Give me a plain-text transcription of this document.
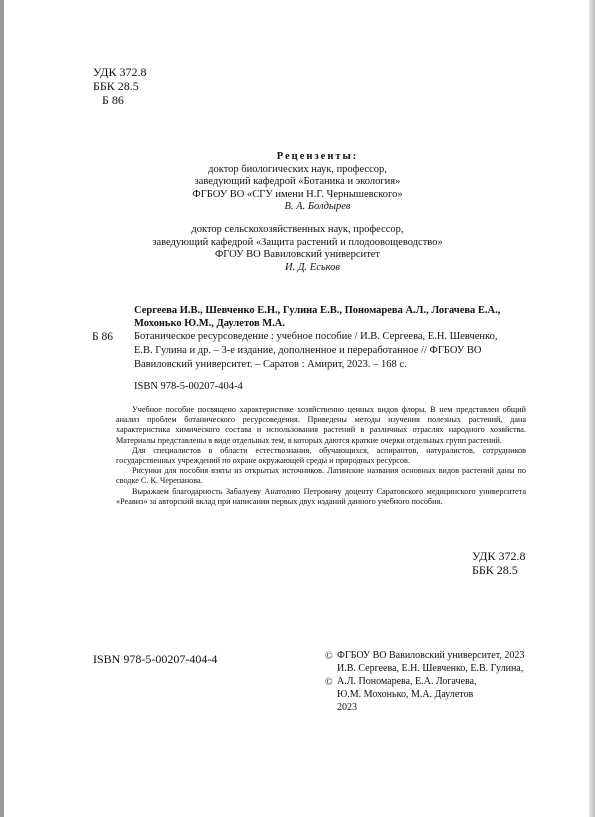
УДК 372.8
ББК 28.5
Б 86
Рецензенты:
доктор биологических наук, профессор,
заведующий кафедрой «Ботаника и экология»
ФГБОУ ВО «СГУ имени Н.Г. Чернышевского»
В. А. Болдырев
доктор сельскохозяйственных наук, профессор,
заведующий кафедрой «Защита растений и плодоовощеводство»
ФГОУ ВО Вавиловский университет
И. Д. Еськов
Сергеева И.В., Шевченко Е.Н., Гулина Е.В., Пономарева А.Л., Логачева Е.А.,
Мохонько Ю.М., Даулетов М.А.
Б 86 Ботаническое ресурсоведение : учебное пособие / И.В. Сергеева, Е.Н. Шевченко,
Е.В. Гулина и др. – 3-е издание, дополненное и переработанное // ФГБОУ ВО
Вавиловский университет. – Саратов : Амирит, 2023. – 168 с.
ISBN 978-5-00207-404-4

Учебное пособие посвящено характеристике хозяйственно ценных видов флоры. В нем представлен общий анализ проблем ботанического ресурсоведения. Приведены методы изучения полезных растений, дана характеристика химического состава и использования растений в различных отраслях народного хозяйства. Материалы представлены в виде отдельных тем, в которых даются краткие очерки отдельных групп растений.

Для специалистов в области естествознания, обучающихся, аспирантов, натуралистов, сотрудников государственных учреждений по охране окружающей среды и природных ресурсов.

Рисунки для пособия взяты из открытых источников. Латинские названия основных видов растений даны по сводке С. К. Черепанова.

Выражаем благодарность Забалуеву Анатолию Петровичу доценту Саратовского медицинского университета «Реавиз» за авторский вклад при написании первых двух изданий данного учебного пособия.

УДК 372.8
ББК 28.5
ISBN 978-5-00207-404-4	© ФГБОУ ВО Вавиловский университет, 2023
И.В. Сергеева, Е.Н. Шевченко, Е.В. Гулина,
© А.Л. Пономарева, Е.А. Логачева,
Ю.М. Мохонько, М.А. Даулетов
2023
